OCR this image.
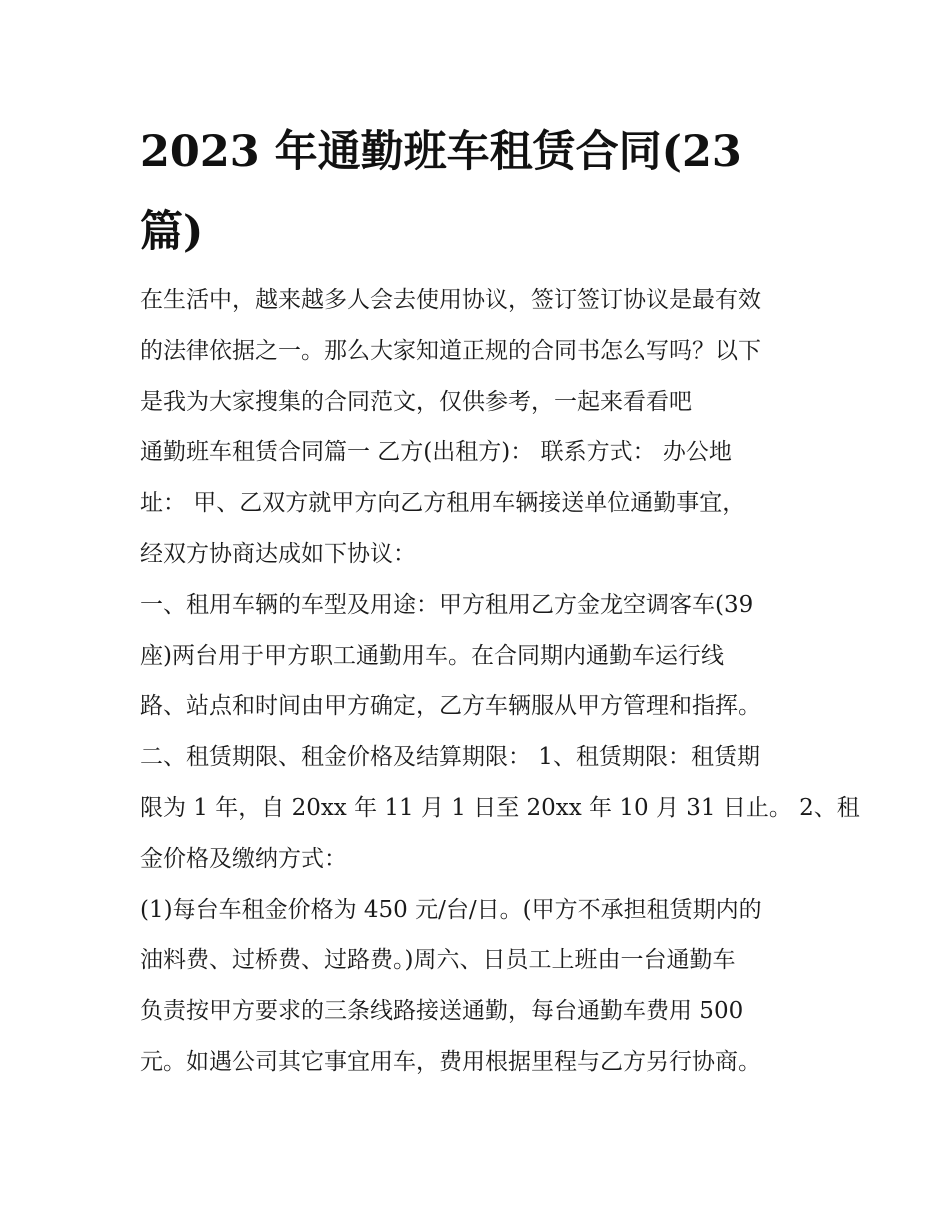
2023 年通勤班车租赁合同(23
篇)
在生活中，越来越多人会去使用协议，签订签订协议是最有效
的法律依据之一。那么大家知道正规的合同书怎么写吗？以下
是我为大家搜集的合同范文，仅供参考，一起来看看吧
通勤班车租赁合同篇一 乙方(出租方)： 联系方式： 办公地
址： 甲、乙双方就甲方向乙方租用车辆接送单位通勤事宜，
经双方协商达成如下协议：
一、租用车辆的车型及用途：甲方租用乙方金龙空调客车(39
座)两台用于甲方职工通勤用车。在合同期内通勤车运行线
路、站点和时间由甲方确定，乙方车辆服从甲方管理和指挥。
二、租赁期限、租金价格及结算期限： 1、租赁期限：租赁期
限为 1 年，自 20xx 年 11 月 1 日至 20xx 年 10 月 31 日止。 2、租
金价格及缴纳方式：
(1)每台车租金价格为 450 元/台/日。(甲方不承担租赁期内的
油料费、过桥费、过路费。)周六、日员工上班由一台通勤车
负责按甲方要求的三条线路接送通勤，每台通勤车费用 500
元。如遇公司其它事宜用车，费用根据里程与乙方另行协商。
